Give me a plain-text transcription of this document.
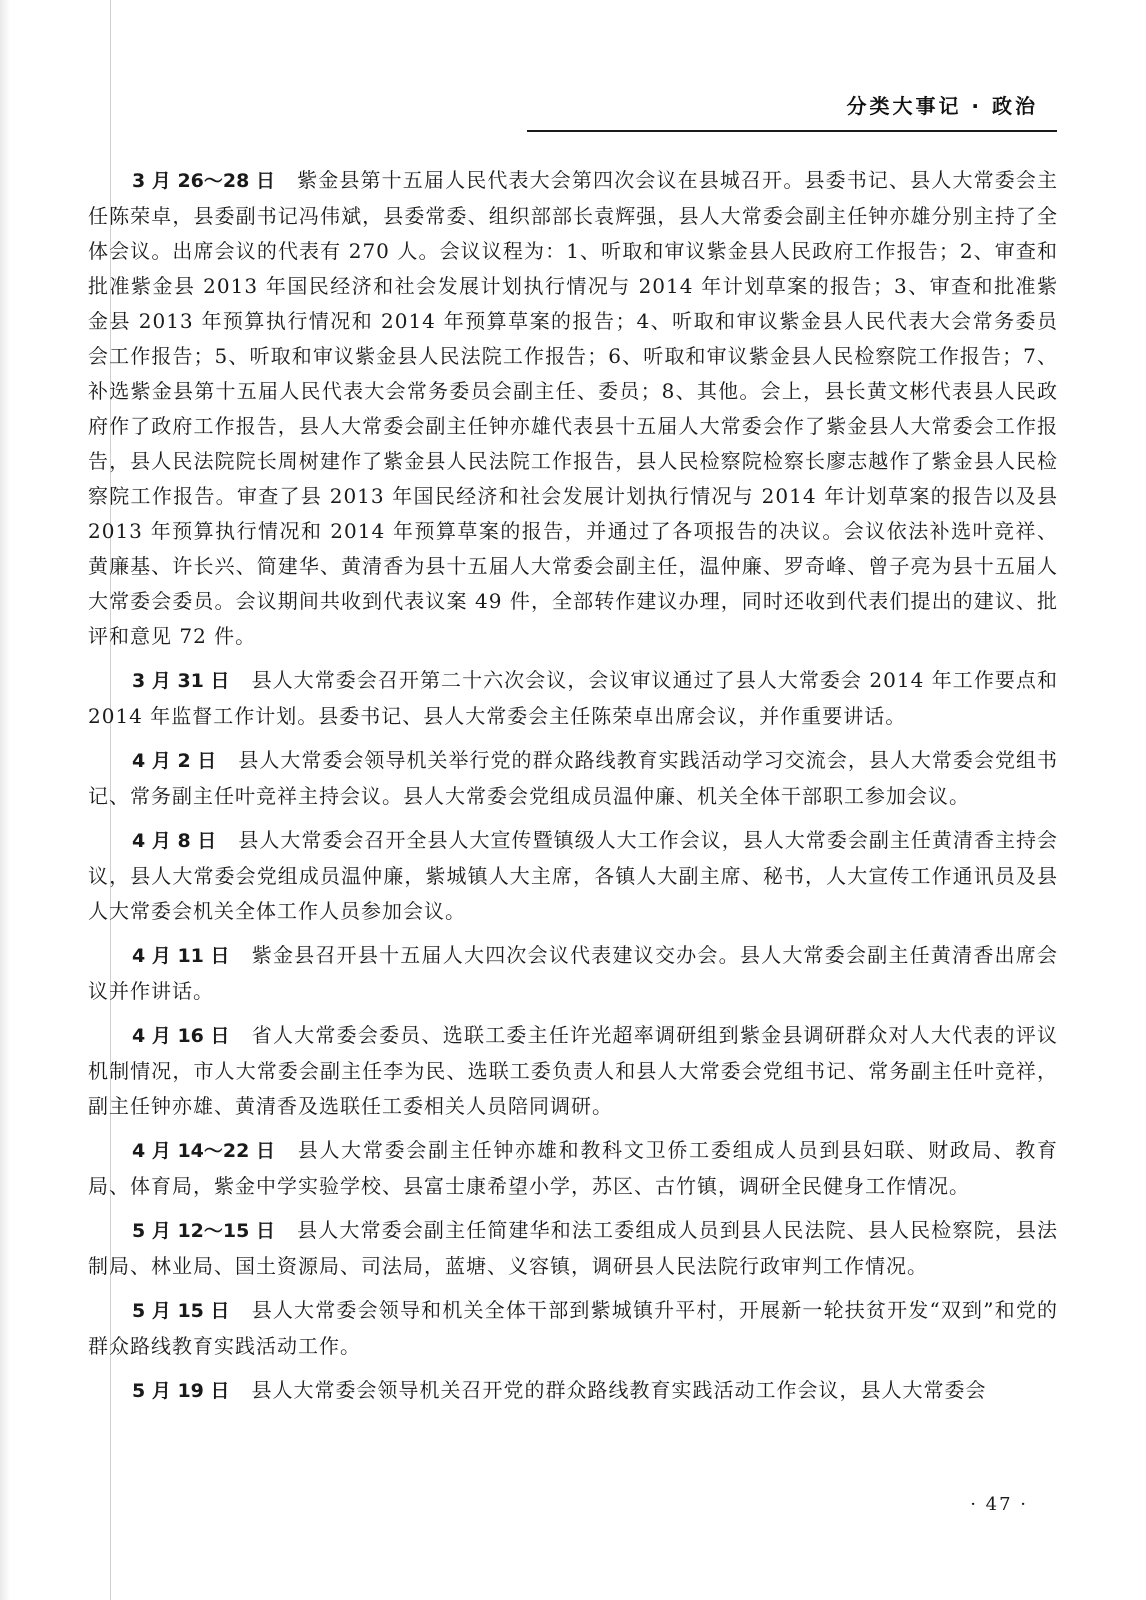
分类大事记 · 政治

3 月 26～28 日 紫金县第十五届人民代表大会第四次会议在县城召开。县委书记、县人大常委会主任陈荣卓，县委副书记冯伟斌，县委常委、组织部部长袁辉强，县人大常委会副主任钟亦雄分别主持了全体会议。出席会议的代表有 270 人。会议议程为：1、听取和审议紫金县人民政府工作报告；2、审查和批准紫金县 2013 年国民经济和社会发展计划执行情况与 2014 年计划草案的报告；3、审查和批准紫金县 2013 年预算执行情况和 2014 年预算草案的报告；4、听取和审议紫金县人民代表大会常务委员会工作报告；5、听取和审议紫金县人民法院工作报告；6、听取和审议紫金县人民检察院工作报告；7、补选紫金县第十五届人民代表大会常务委员会副主任、委员；8、其他。会上，县长黄文彬代表县人民政府作了政府工作报告，县人大常委会副主任钟亦雄代表县十五届人大常委会作了紫金县人大常委会工作报告，县人民法院院长周树建作了紫金县人民法院工作报告，县人民检察院检察长廖志越作了紫金县人民检察院工作报告。审查了县 2013 年国民经济和社会发展计划执行情况与 2014 年计划草案的报告以及县 2013 年预算执行情况和 2014 年预算草案的报告，并通过了各项报告的决议。会议依法补选叶竞祥、黄廉基、许长兴、简建华、黄清香为县十五届人大常委会副主任，温仲廉、罗奇峰、曾子亮为县十五届人大常委会委员。会议期间共收到代表议案 49 件，全部转作建议办理，同时还收到代表们提出的建议、批评和意见 72 件。

3 月 31 日 县人大常委会召开第二十六次会议，会议审议通过了县人大常委会 2014 年工作要点和 2014 年监督工作计划。县委书记、县人大常委会主任陈荣卓出席会议，并作重要讲话。

4 月 2 日 县人大常委会领导机关举行党的群众路线教育实践活动学习交流会，县人大常委会党组书记、常务副主任叶竞祥主持会议。县人大常委会党组成员温仲廉、机关全体干部职工参加会议。

4 月 8 日 县人大常委会召开全县人大宣传暨镇级人大工作会议，县人大常委会副主任黄清香主持会议，县人大常委会党组成员温仲廉，紫城镇人大主席，各镇人大副主席、秘书，人大宣传工作通讯员及县人大常委会机关全体工作人员参加会议。

4 月 11 日 紫金县召开县十五届人大四次会议代表建议交办会。县人大常委会副主任黄清香出席会议并作讲话。

4 月 16 日 省人大常委会委员、选联工委主任许光超率调研组到紫金县调研群众对人大代表的评议机制情况，市人大常委会副主任李为民、选联工委负责人和县人大常委会党组书记、常务副主任叶竞祥，副主任钟亦雄、黄清香及选联任工委相关人员陪同调研。

4 月 14～22 日 县人大常委会副主任钟亦雄和教科文卫侨工委组成人员到县妇联、财政局、教育局、体育局，紫金中学实验学校、县富士康希望小学，苏区、古竹镇，调研全民健身工作情况。

5 月 12～15 日 县人大常委会副主任简建华和法工委组成人员到县人民法院、县人民检察院，县法制局、林业局、国土资源局、司法局，蓝塘、义容镇，调研县人民法院行政审判工作情况。

5 月 15 日 县人大常委会领导和机关全体干部到紫城镇升平村，开展新一轮扶贫开发“双到”和党的群众路线教育实践活动工作。

5 月 19 日 县人大常委会领导机关召开党的群众路线教育实践活动工作会议，县人大常委会

· 47 ·
